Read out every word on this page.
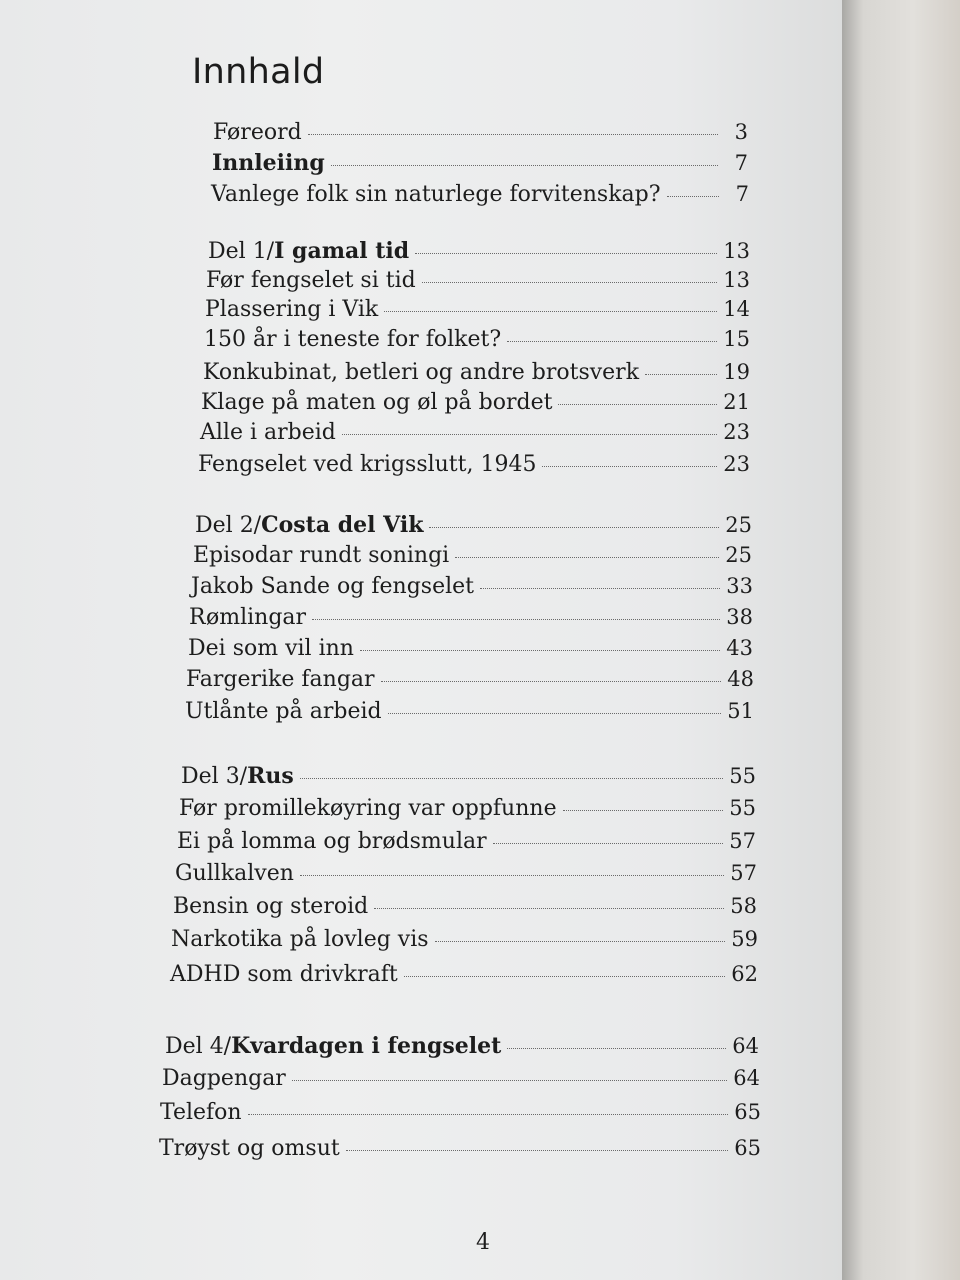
Innhald
Føreord	3
Innleiing	7
Vanlege folk sin naturlege forvitenskap?	7
Del 1/I gamal tid	13
Før fengselet si tid	13
Plassering i Vik	14
150 år i teneste for folket?	15
Konkubinat, betleri og andre brotsverk	19
Klage på maten og øl på bordet	21
Alle i arbeid	23
Fengselet ved krigsslutt, 1945	23
Del 2/Costa del Vik	25
Episodar rundt soningi	25
Jakob Sande og fengselet	33
Rømlingar	38
Dei som vil inn	43
Fargerike fangar	48
Utlånte på arbeid	51
Del 3/Rus	55
Før promillekøyring var oppfunne	55
Ei på lomma og brødsmular	57
Gullkalven	57
Bensin og steroid	58
Narkotika på lovleg vis	59
ADHD som drivkraft	62
Del 4/Kvardagen i fengselet	64
Dagpengar	64
Telefon	65
Trøyst og omsut	65
4
